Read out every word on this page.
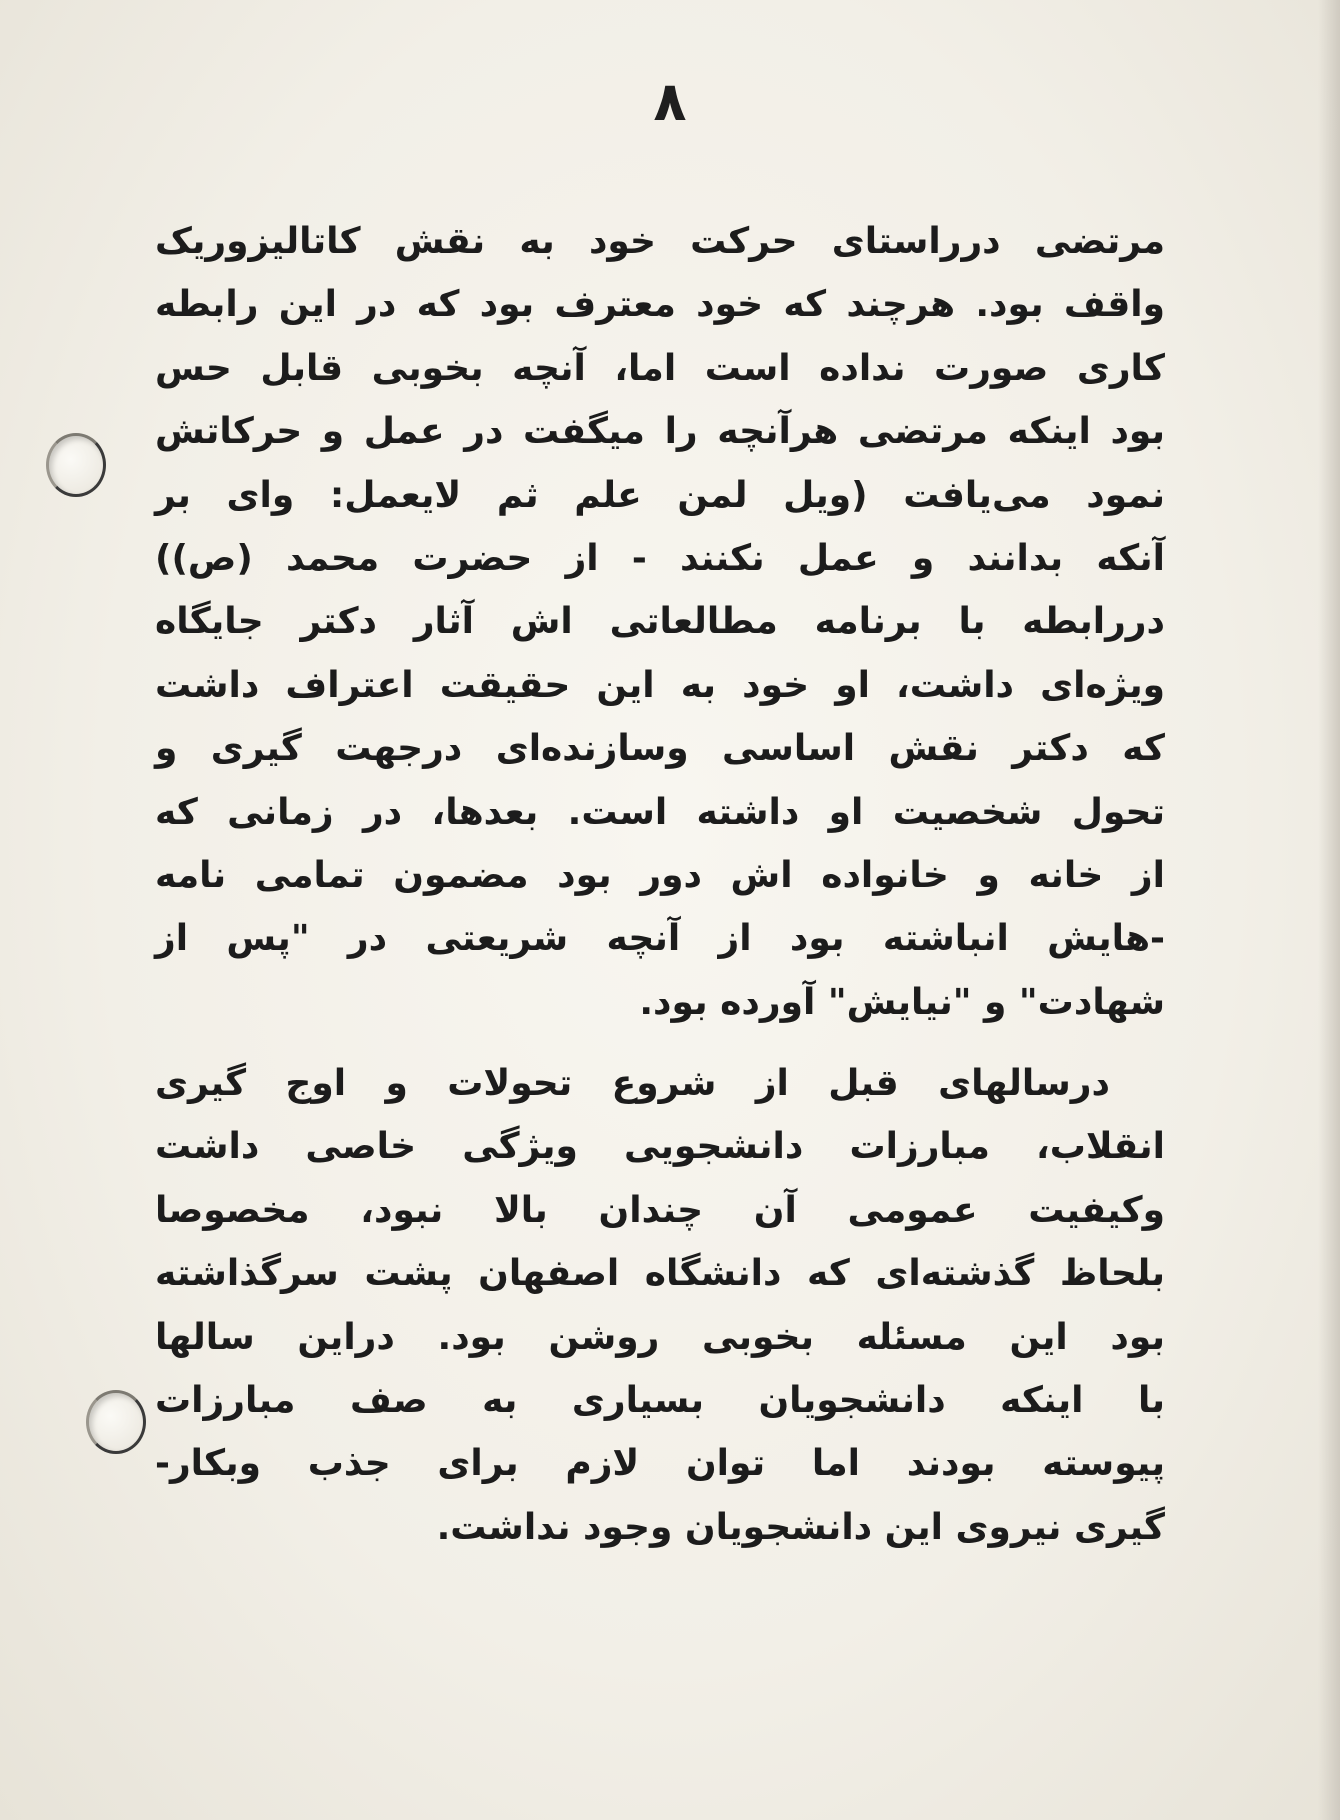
۸
مرتضی درراستای حرکت خود به نقش کاتالیزوریک
واقف بود. هرچند که خود معترف بود که در این رابطه
کاری صورت نداده است اما، آنچه بخوبی قابل حس
بود اینکه مرتضی هرآنچه را میگفت در عمل و حرکاتش
نمود می‌یافت (ویل لمن علم ثم لایعمل: وای بر
آنکه بدانند و عمل نکنند - از حضرت محمد (ص))
دررابطه با برنامه مطالعاتی اش آثار دکتر جایگاه
ویژه‌ای داشت، او خود به این حقیقت اعتراف داشت
که دکتر نقش اساسی وسازنده‌ای درجهت گیری و
تحول شخصیت او داشته است. بعدها، در زمانی که
از خانه و خانواده اش دور بود مضمون تمامی نامه
-هایش انباشته بود از آنچه شریعتی در "پس از
شهادت" و "نیایش" آورده بود.
درسالهای قبل از شروع تحولات و اوج گیری
انقلاب، مبارزات دانشجویی ویژگی خاصی داشت
وکیفیت عمومی آن چندان بالا نبود، مخصوصا
بلحاظ گذشته‌ای که دانشگاه اصفهان پشت سرگذاشته
بود این مسئله بخوبی روشن بود. دراین سالها
با اینکه دانشجویان بسیاری به صف مبارزات
پیوسته بودند اما توان لازم برای جذب وبکار-
گیری نیروی این دانشجویان وجود نداشت.
